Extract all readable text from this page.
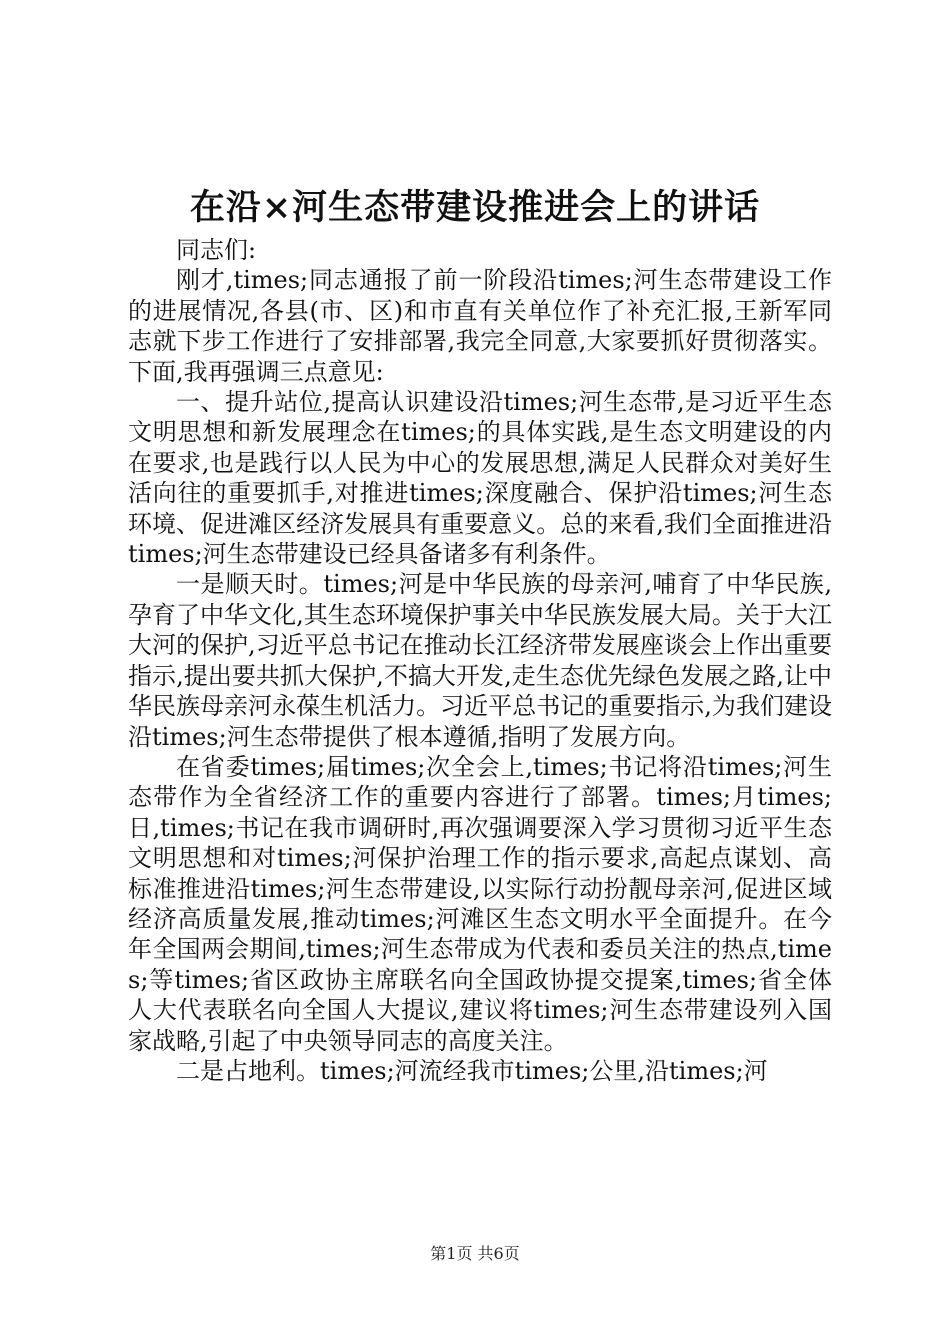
在沿×河生态带建设推进会上的讲话

同志们:

刚才,times;同志通报了前一阶段沿times;河生态带建设工作的进展情况,各县(市、区)和市直有关单位作了补充汇报,王新军同志就下步工作进行了安排部署,我完全同意,大家要抓好贯彻落实。下面,我再强调三点意见:

一、提升站位,提高认识建设沿times;河生态带,是习近平生态文明思想和新发展理念在times;的具体实践,是生态文明建设的内在要求,也是践行以人民为中心的发展思想,满足人民群众对美好生活向往的重要抓手,对推进times;深度融合、保护沿times;河生态环境、促进滩区经济发展具有重要意义。总的来看,我们全面推进沿times;河生态带建设已经具备诸多有利条件。

一是顺天时。times;河是中华民族的母亲河,哺育了中华民族,孕育了中华文化,其生态环境保护事关中华民族发展大局。关于大江大河的保护,习近平总书记在推动长江经济带发展座谈会上作出重要指示,提出要共抓大保护,不搞大开发,走生态优先绿色发展之路,让中华民族母亲河永葆生机活力。习近平总书记的重要指示,为我们建设沿times;河生态带提供了根本遵循,指明了发展方向。

在省委times;届times;次全会上,times;书记将沿times;河生态带作为全省经济工作的重要内容进行了部署。times;月times;日,times;书记在我市调研时,再次强调要深入学习贯彻习近平生态文明思想和对times;河保护治理工作的指示要求,高起点谋划、高标准推进沿times;河生态带建设,以实际行动扮靓母亲河,促进区域经济高质量发展,推动times;河滩区生态文明水平全面提升。在今年全国两会期间,times;河生态带成为代表和委员关注的热点,times;等times;省区政协主席联名向全国政协提交提案,times;省全体人大代表联名向全国人大提议,建议将times;河生态带建设列入国家战略,引起了中央领导同志的高度关注。

二是占地利。times;河流经我市times;公里,沿times;河

第1页 共6页
